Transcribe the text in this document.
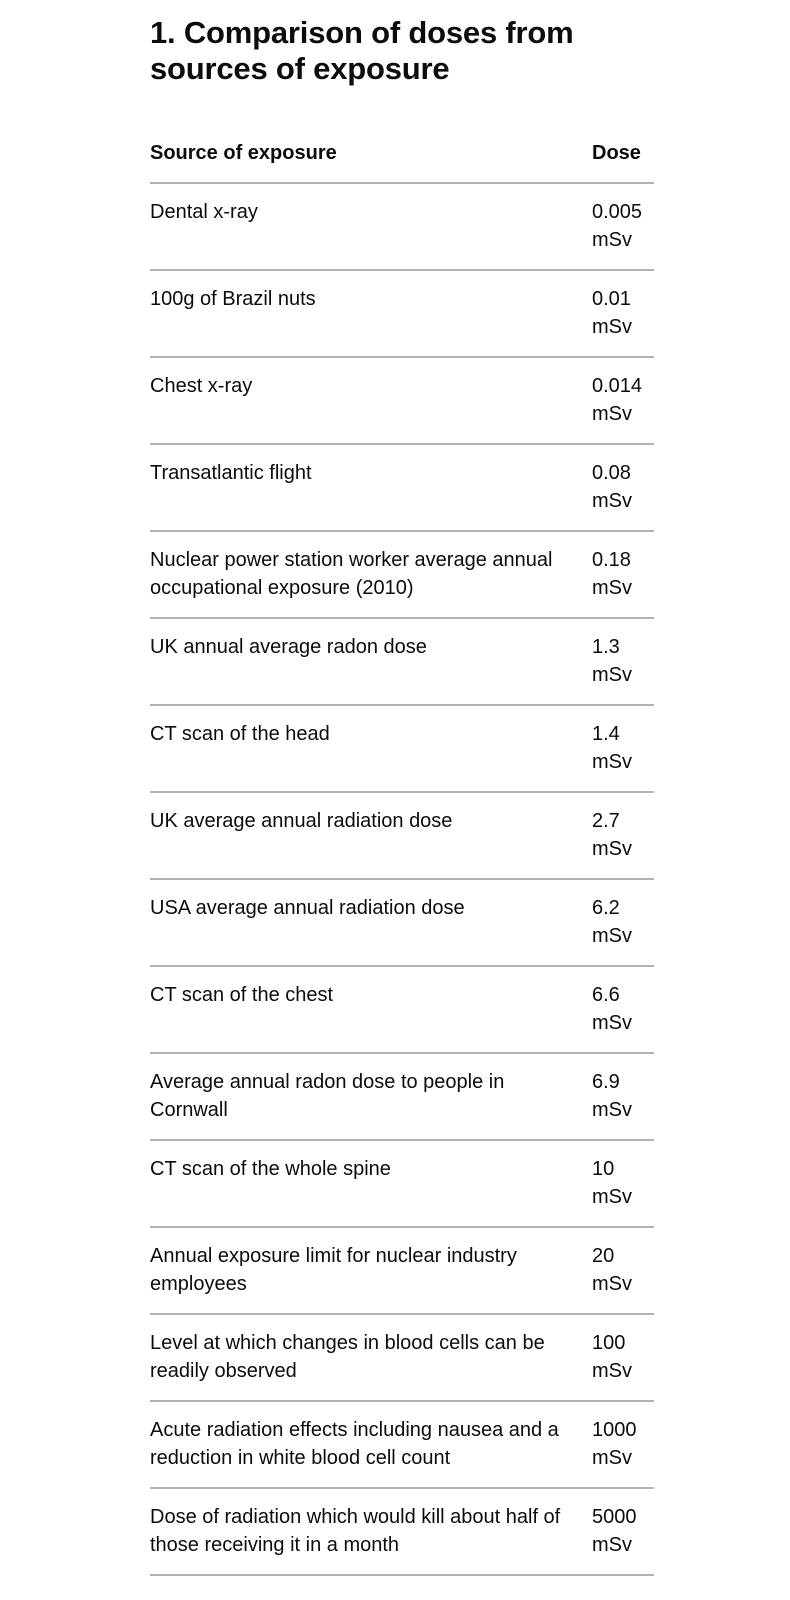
1. Comparison of doses from sources of exposure
Source of exposure	Dose
Dental x-ray	0.005
mSv

100g of Brazil nuts	0.01
mSv

Chest x-ray	0.014
mSv

Transatlantic flight	0.08
mSv

Nuclear power station worker average annual occupational exposure (2010)	0.18
mSv

UK annual average radon dose	1.3
mSv

CT scan of the head	1.4
mSv

UK average annual radiation dose	2.7
mSv

USA average annual radiation dose	6.2
mSv

CT scan of the chest	6.6
mSv

Average annual radon dose to people in Cornwall	6.9
mSv

CT scan of the whole spine	10
mSv

Annual exposure limit for nuclear industry employees	20
mSv

Level at which changes in blood cells can be readily observed	100
mSv

Acute radiation effects including nausea and a reduction in white blood cell count	1000
mSv

Dose of radiation which would kill about half of those receiving it in a month	5000
mSv
